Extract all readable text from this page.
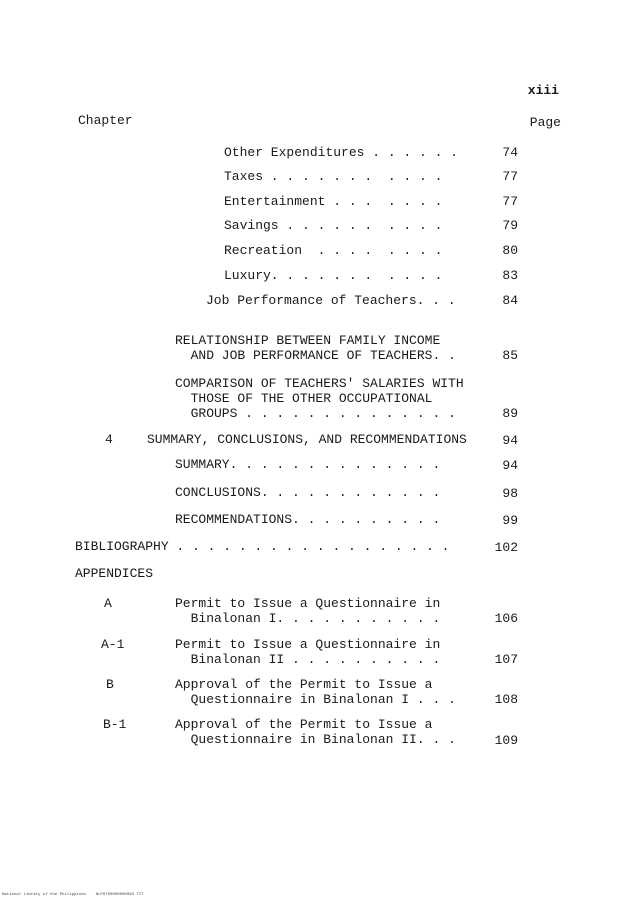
xiii
Chapter	Page
Other Expenditures . . . . . .	74
Taxes . . . . . . .  . . . .	77
Entertainment . . .  . . . .	77
Savings . . . . . .  . . . .	79
Recreation  . . . .  . . . .	80
Luxury. . . . . . .  . . . .	83
Job Performance of Teachers. . .	84
RELATIONSHIP BETWEEN FAMILY INCOME
AND JOB PERFORMANCE OF TEACHERS. .	85
COMPARISON OF TEACHERS' SALARIES WITH
THOSE OF THE OTHER OCCUPATIONAL
GROUPS . . . . . . . . . . . . . .	89
4	SUMMARY, CONCLUSIONS, AND RECOMMENDATIONS	94
SUMMARY. . . . . . . . . . . . . .	94
CONCLUSIONS. . . . . . . . . . . .	98
RECOMMENDATIONS. . . . . . . . . .	99
BIBLIOGRAPHY . . . . . . . . . . . . . . . . . .	102
APPENDICES
A	Permit to Issue a Questionnaire in
Binalonan I. . . . . . . . . . .	106
A-1	Permit to Issue a Questionnaire in
Binalonan II . . . . . . . . . .	107
B	Approval of the Permit to Issue a
Questionnaire in Binalonan I . . .	108
B-1	Approval of the Permit to Issue a
Questionnaire in Binalonan II. . .	109
National Library of the Philippines    NLP0TD0000000093 TIT
